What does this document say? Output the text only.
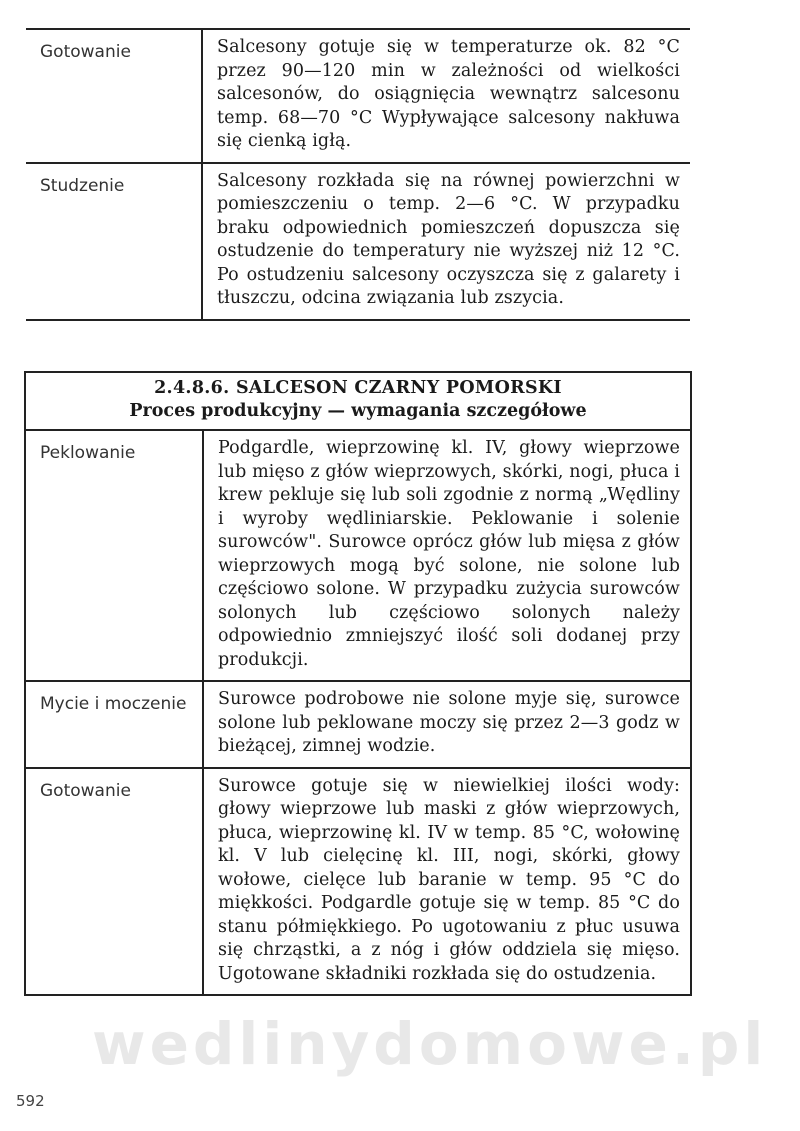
Gotowanie	Salcesony gotuje się w temperaturze ok. 82 °C przez 90—120 min w zależności od wielkości salcesonów, do osiągnięcia wewnątrz salcesonu temp. 68—70 °C Wypływające salcesony nakłuwa się cienką igłą.
Studzenie	Salcesony rozkłada się na równej powierzchni w pomieszczeniu o temp. 2—6 °C. W przypadku braku odpowiednich pomieszczeń dopuszcza się ostudzenie do temperatury nie wyższej niż 12 °C. Po ostudzeniu salcesony oczyszcza się z galarety i tłuszczu, odcina związania lub zszycia.
2.4.8.6. SALCESON CZARNY POMORSKI
Proces produkcyjny — wymagania szczegółowe	

Peklowanie	Podgardle, wieprzowinę kl. IV, głowy wieprzowe lub mięso z głów wieprzowych, skórki, nogi, płuca i krew pekluje się lub soli zgodnie z normą „Wędliny i wyroby wędliniarskie. Peklowanie i solenie surowców". Surowce oprócz głów lub mięsa z głów wieprzowych mogą być solone, nie solone lub częściowo solone. W przypadku zużycia surowców solonych lub częściowo solonych należy odpowiednio zmniejszyć ilość soli dodanej przy produkcji.
Mycie i moczenie	Surowce podrobowe nie solone myje się, surowce solone lub peklowane moczy się przez 2—3 godz w bieżącej, zimnej wodzie.
Gotowanie	Surowce gotuje się w niewielkiej ilości wody: głowy wieprzowe lub maski z głów wieprzowych, płuca, wieprzowinę kl. IV w temp. 85 °C, wołowinę kl. V lub cielęcinę kl. III, nogi, skórki, głowy wołowe, cielęce lub baranie w temp. 95 °C do miękkości. Podgardle gotuje się w temp. 85 °C do stanu półmiękkiego. Po ugotowaniu z płuc usuwa się chrząstki, a z nóg i głów oddziela się mięso. Ugotowane składniki rozkłada się do ostudzenia.
wedlinydomowe.pl
592
